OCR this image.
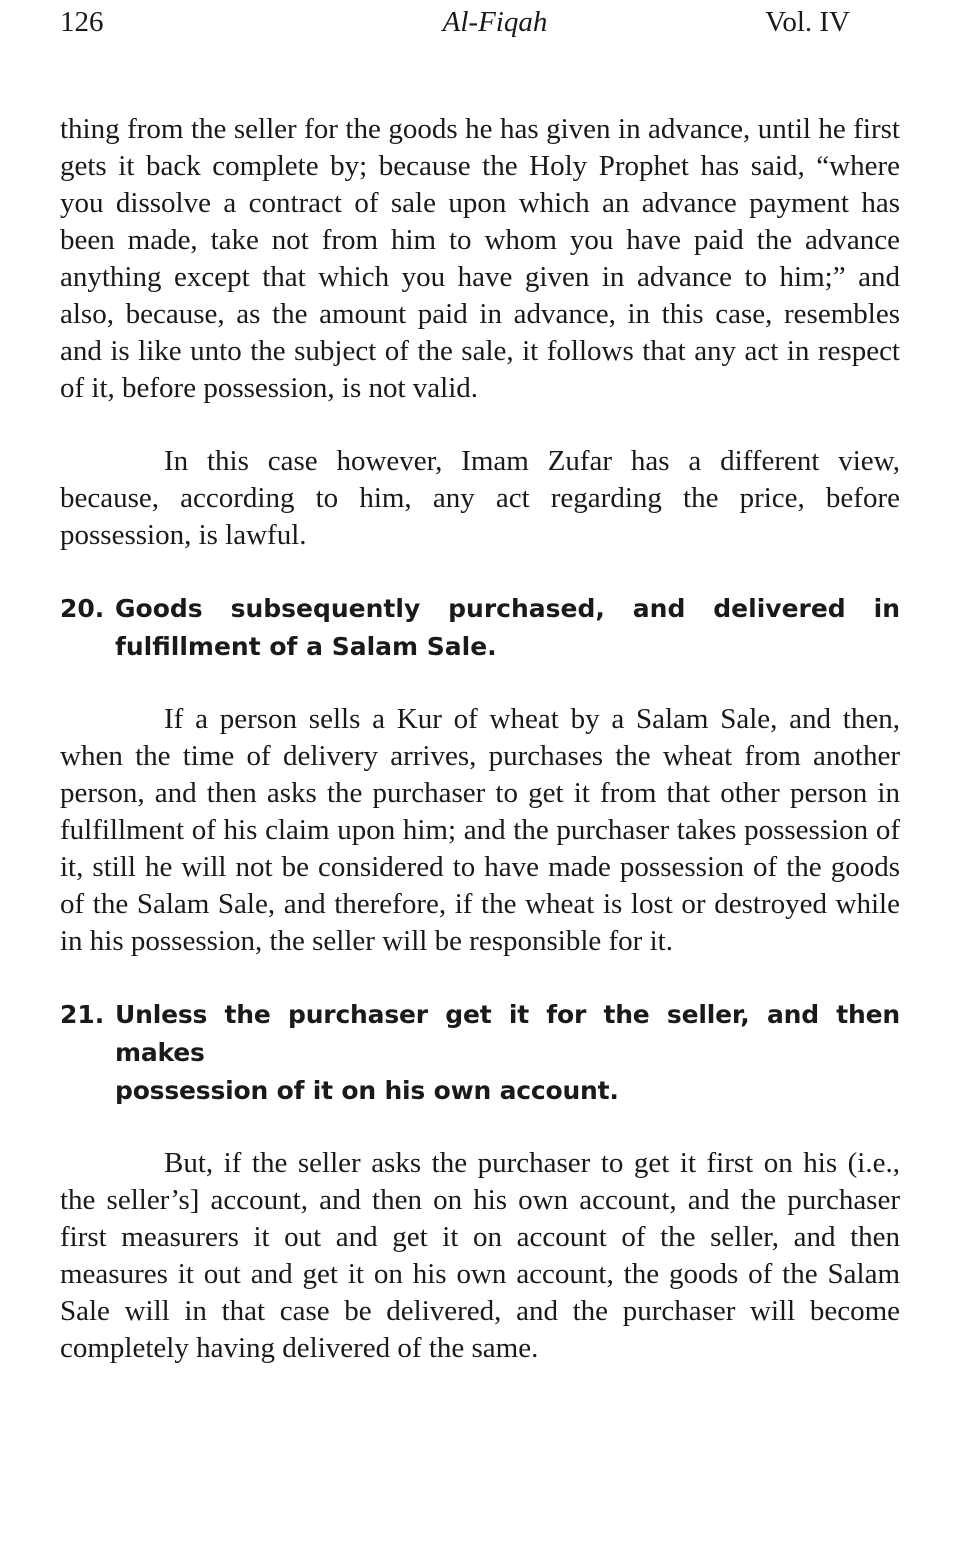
126	Al-Fiqah	Vol. IV

thing from the seller for the goods he has given in advance, until he first gets it back complete by; because the Holy Prophet has said, “where you dissolve a contract of sale upon which an advance payment has been made, take not from him to whom you have paid the advance anything except that which you have given in advance to him;” and also, because, as the amount paid in advance, in this case, resembles and is like unto the subject of the sale, it follows that any act in respect of it, before possession, is not valid.

In this case however, Imam Zufar has a different view, because, according to him, any act regarding the price, before possession, is lawful.

20. Goods subsequently purchased, and delivered in
fulfillment of a Salam Sale.

If a person sells a Kur of wheat by a Salam Sale, and then, when the time of delivery arrives, purchases the wheat from another person, and then asks the purchaser to get it from that other person in fulfillment of his claim upon him; and the purchaser takes possession of it, still he will not be considered to have made possession of the goods of the Salam Sale, and therefore, if the wheat is lost or destroyed while in his possession, the seller will be responsible for it.

21. Unless the purchaser get it for the seller, and then makes
possession of it on his own account.

But, if the seller asks the purchaser to get it first on his (i.e., the seller’s] account, and then on his own account, and the purchaser first measurers it out and get it on account of the seller, and then measures it out and get it on his own account, the goods of the Salam Sale will in that case be delivered, and the purchaser will become completely having delivered of the same.
